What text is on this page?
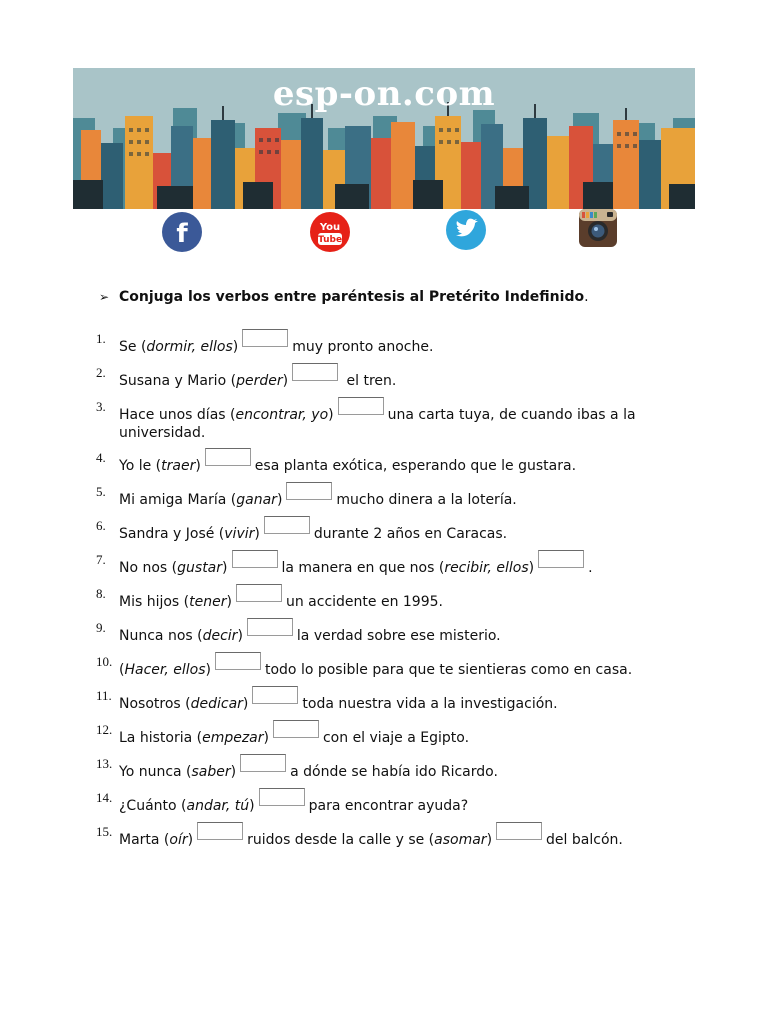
esp-on.com
f	You
Tube
➢ Conjuga los verbos entre paréntesis al Pretérito Indefinido.
1.
Se (dormir, ellos)	muy pronto anoche.
2.
Susana y Mario (perder)	el tren.
3.
Hace unos días (encontrar, yo)	una carta tuya, de cuando ibas a la universidad.
4.
Yo le (traer)	esa planta exótica, esperando que le gustara.
5.
Mi amiga María (ganar)	mucho dinera a la lotería.
6.
Sandra y José (vivir)	durante 2 años en Caracas.
7.
No nos (gustar)	la manera en que nos (recibir, ellos)	.
8.
Mis hijos (tener)	un accidente en 1995.
9.
Nunca nos (decir)	la verdad sobre ese misterio.
10.
(Hacer, ellos)	todo lo posible para que te sientieras como en casa.
11.
Nosotros (dedicar)	toda nuestra vida a la investigación.
12.
La historia (empezar)	con el viaje a Egipto.
13.
Yo nunca (saber)	a dónde se había ido Ricardo.
14.
¿Cuánto (andar, tú)	para encontrar ayuda?
15.
Marta (oír)	ruidos desde la calle y se (asomar)	del balcón.
